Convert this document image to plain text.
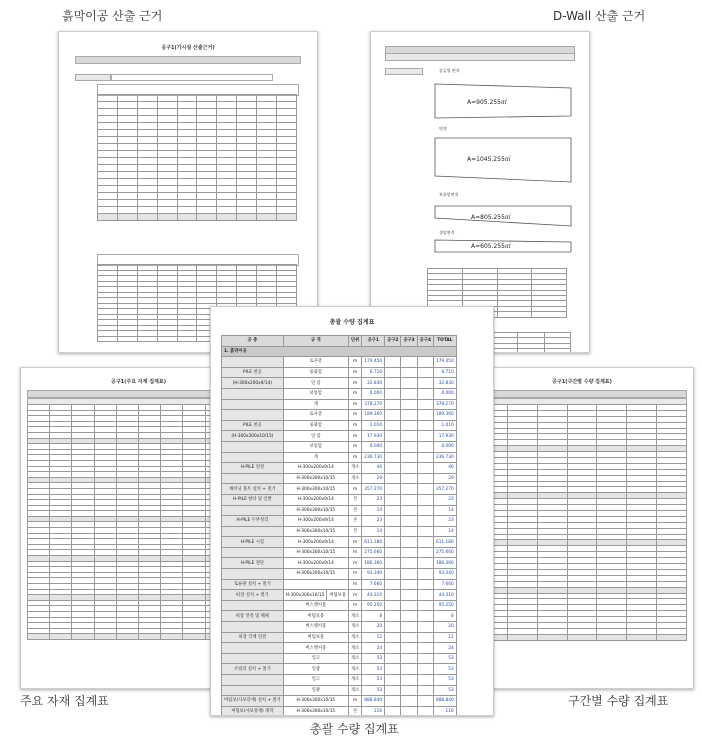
흙막이공 산출 근거	D-Wall 산출 근거
주요 자재 집계표
총괄 수량 집계표
구간별 수량 집계표
공구1(가시설 산출근거)

종류별 면적
A=905.255㎡
면적
A=1045.255㎡
보통암면적
A=805.255㎡
경암면적
A=605.255㎡

공구1(주요 자재 집계표)

										공구1(구간별 수량 집계표)

총괄 수량 집계표
공 종	규 격		단위	공구1	공구2	공구3	공구4	TOTAL
1. 흙막이공								
	토사층		m	179.450				179.450
PILE 천공	풍화암		m	6.710				6.710
(H-300x200x9/14)	연 암		m	32.830				32.830
	보통암		m	0.000				0.000
	계		m	378.270				378.270
	토사층		m	189.360				189.360
PILE 천공	풍화암		m	1.010				1.010
(H-300x300x10/15)	연 암		m	17.930				17.930
	보통암		m	0.000				0.000
	계		m	236.730				236.730
H-PILE 연결	H-300x200x9/14		개소	46				46
	H-300x300x10/15		개소	29				29
캐비닛 볼트 설치 + 철거	H-300x300x10/15		m	357.270				357.270
H-PILE 항타 및 인발	H-300x200x9/14		본	23				23
	H-300x300x10/15		본	14				14
H-PILE 두부정리	H-300x200x9/14		본	23				23
	H-300x300x10/15		본	14				14
H-PILE 시험	H-300x200x9/14		m	611.180				611.180
	H-300x300x10/15		m	275.660				275.660
H-PILE 절단	H-300x200x9/14		m	186.360				186.360
	H-300x300x10/15		m	93.340				93.340
토류판 설치 + 철거			m	7.660				7.660
띠장 설치 + 철거	H-300x300x10/15	버팀보용	m	44.310				44.310
	버스앵커용		m	95.250				95.250
띠장 연결 및 해체	버팀보용		개소	8				8
	버스앵커용		개소	20				20
띠장 각재 연결	버팀보용		개소	12				12
	버스앵커용		개소	24				24
	일고		개소	53				53
브릴러 설치 + 철거	일광		개소	53				53
	일고		개소	53				53
	일광		개소	53				53
버팀보(사보강재) 설치 + 철거	H-300x300x10/15		m	888.840				888.840
버팀보(사보강재) 제작	H-300x300x10/15		본	116				116
